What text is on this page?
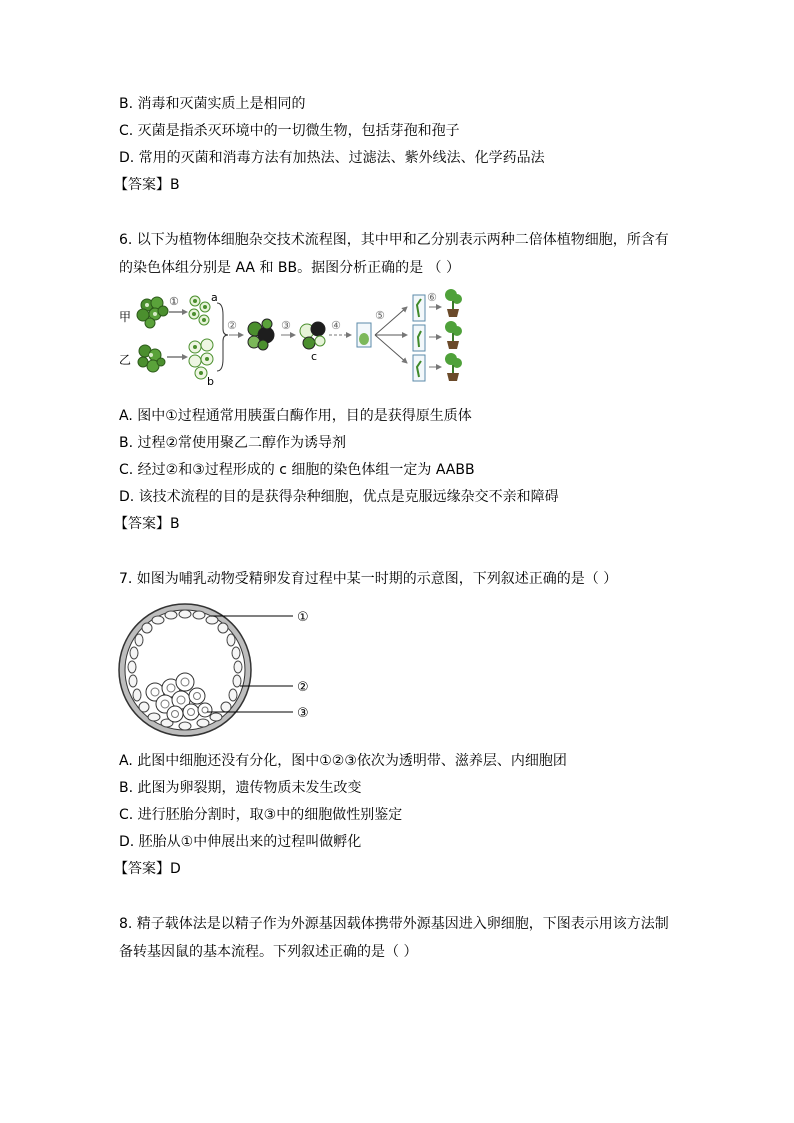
B. 消毒和灭菌实质上是相同的
C. 灭菌是指杀灭环境中的一切微生物，包括芽孢和孢子
D. 常用的灭菌和消毒方法有加热法、过滤法、紫外线法、化学药品法
【答案】B
6. 以下为植物体细胞杂交技术流程图，其中甲和乙分别表示两种二倍体植物细胞，所含有
的染色体组分别是 AA 和 BB。据图分析正确的是 （ ）
甲
乙
①	a
b
②	③
c
④
⑤
⑥
A. 图中①过程通常用胰蛋白酶作用，目的是获得原生质体
B. 过程②常使用聚乙二醇作为诱导剂
C. 经过②和③过程形成的 c 细胞的染色体组一定为 AABB
D. 该技术流程的目的是获得杂种细胞，优点是克服远缘杂交不亲和障碍
【答案】B
7. 如图为哺乳动物受精卵发育过程中某一时期的示意图，下列叙述正确的是（ ）
①
②
③
A. 此图中细胞还没有分化，图中①②③依次为透明带、滋养层、内细胞团
B. 此图为卵裂期，遗传物质未发生改变
C. 进行胚胎分割时，取③中的细胞做性别鉴定
D. 胚胎从①中伸展出来的过程叫做孵化
【答案】D
8. 精子载体法是以精子作为外源基因载体携带外源基因进入卵细胞，下图表示用该方法制
备转基因鼠的基本流程。下列叙述正确的是（ ）
